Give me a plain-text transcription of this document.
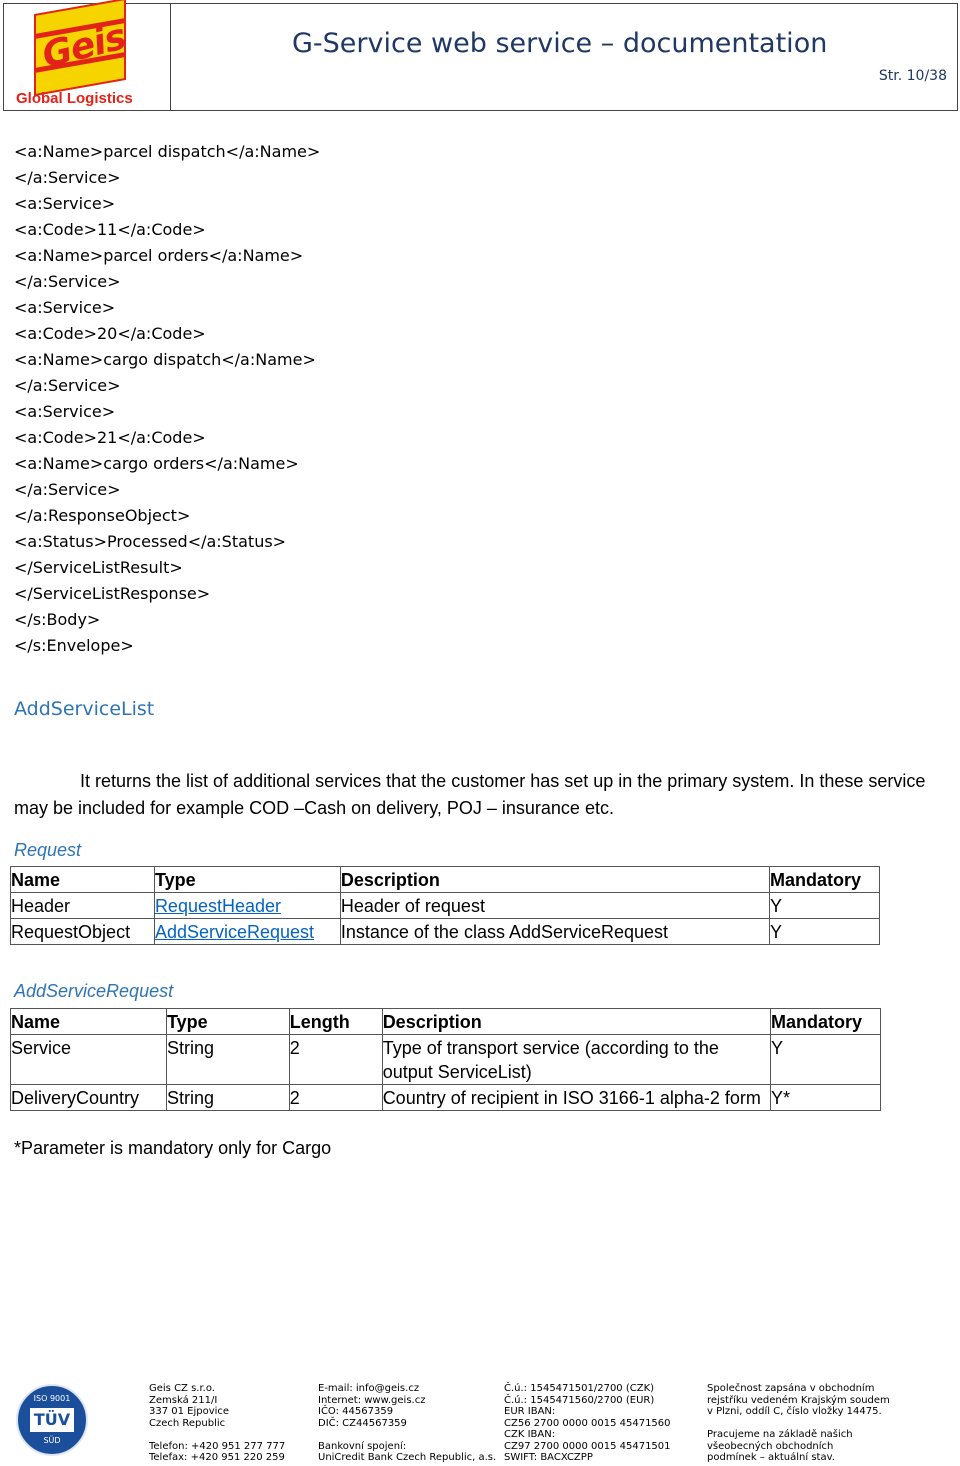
Geis
Global Logistics
G-Service web service – documentation
Str. 10/38
<a:Name>parcel dispatch</a:Name>
</a:Service>
<a:Service>
<a:Code>11</a:Code>
<a:Name>parcel orders</a:Name>
</a:Service>
<a:Service>
<a:Code>20</a:Code>
<a:Name>cargo dispatch</a:Name>
</a:Service>
<a:Service>
<a:Code>21</a:Code>
<a:Name>cargo orders</a:Name>
</a:Service>
</a:ResponseObject>
<a:Status>Processed</a:Status>
</ServiceListResult>
</ServiceListResponse>
</s:Body>
</s:Envelope>
AddServiceList
It returns the list of additional services that the customer has set up in the primary system. In these service may be included for example COD –Cash on delivery, POJ – insurance etc.
Request
Name	Type	Description	Mandatory
Header	RequestHeader	Header of request	Y
RequestObject	AddServiceRequest	Instance of the class AddServiceRequest	Y
AddServiceRequest
Name	Type	Length	Description	Mandatory
Service	String	2	Type of transport service (according to the output ServiceList)	Y
DeliveryCountry	String	2	Country of recipient in ISO 3166-1 alpha-2 form	Y*
*Parameter is mandatory only for Cargo
ISO 9001
TÜV
SÜD
Geis CZ s.r.o.
Zemská 211/I
337 01 Ejpovice
Czech Republic

Telefon: +420 951 277 777
Telefax: +420 951 220 259
E-mail: info@geis.cz
Internet: www.geis.cz
IČO: 44567359
DIČ: CZ44567359

Bankovní spojení:
UniCredit Bank Czech Republic, a.s.
Č.ú.: 1545471501/2700 (CZK)
Č.ú.: 1545471560/2700 (EUR)
EUR IBAN:
CZ56 2700 0000 0015 45471560
CZK IBAN:
CZ97 2700 0000 0015 45471501
SWIFT: BACXCZPP
Společnost zapsána v obchodním
rejstříku vedeném Krajským soudem
v Plzni, oddíl C, číslo vložky 14475.

Pracujeme na základě našich
všeobecných obchodních
podmínek – aktuální stav.
